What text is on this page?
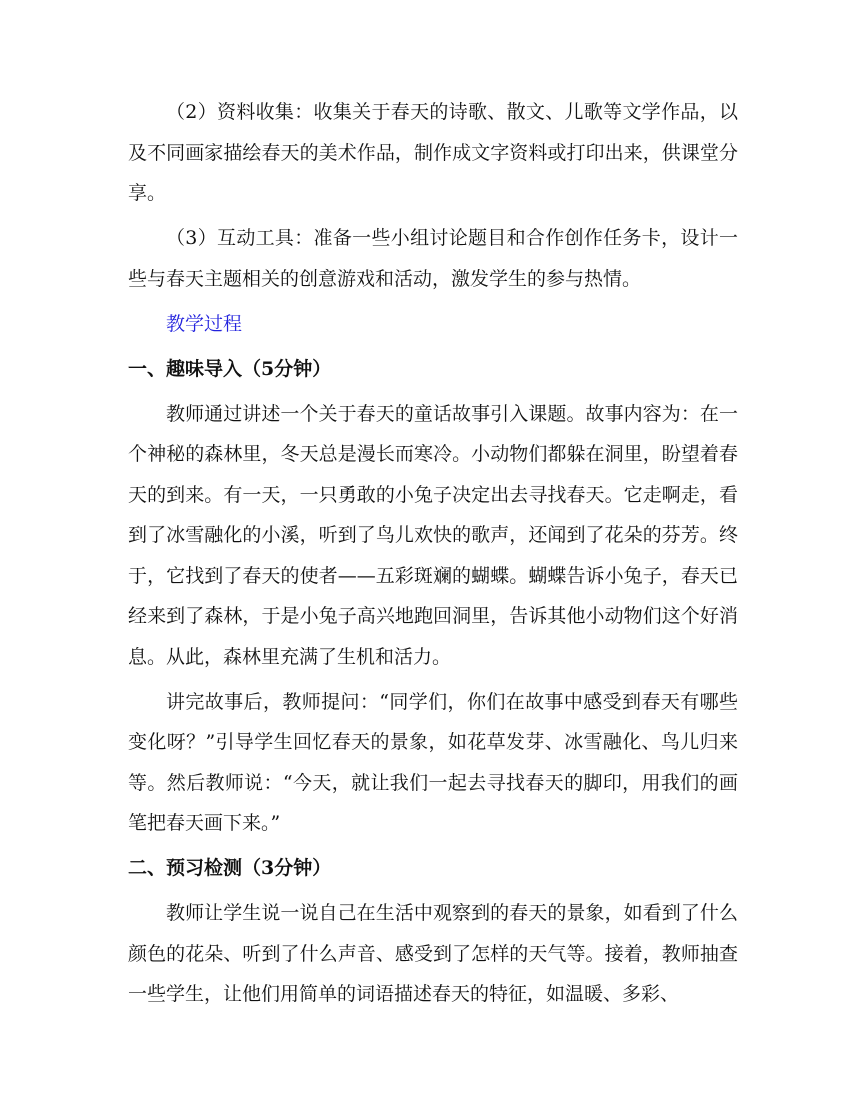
（2）资料收集：收集关于春天的诗歌、散文、儿歌等文学作品，以及不同画家描绘春天的美术作品，制作成文字资料或打印出来，供课堂分享。

（3）互动工具：准备一些小组讨论题目和合作创作任务卡，设计一些与春天主题相关的创意游戏和活动，激发学生的参与热情。

教学过程

一、趣味导入（5分钟）

教师通过讲述一个关于春天的童话故事引入课题。故事内容为：在一个神秘的森林里，冬天总是漫长而寒冷。小动物们都躲在洞里，盼望着春天的到来。有一天，一只勇敢的小兔子决定出去寻找春天。它走啊走，看到了冰雪融化的小溪，听到了鸟儿欢快的歌声，还闻到了花朵的芬芳。终于，它找到了春天的使者——五彩斑斓的蝴蝶。蝴蝶告诉小兔子，春天已经来到了森林，于是小兔子高兴地跑回洞里，告诉其他小动物们这个好消息。从此，森林里充满了生机和活力。

讲完故事后，教师提问：“同学们，你们在故事中感受到春天有哪些变化呀？”引导学生回忆春天的景象，如花草发芽、冰雪融化、鸟儿归来等。然后教师说：“今天，就让我们一起去寻找春天的脚印，用我们的画笔把春天画下来。”

二、预习检测（3分钟）

教师让学生说一说自己在生活中观察到的春天的景象，如看到了什么颜色的花朵、听到了什么声音、感受到了怎样的天气等。接着，教师抽查一些学生，让他们用简单的词语描述春天的特征，如温暖、多彩、
